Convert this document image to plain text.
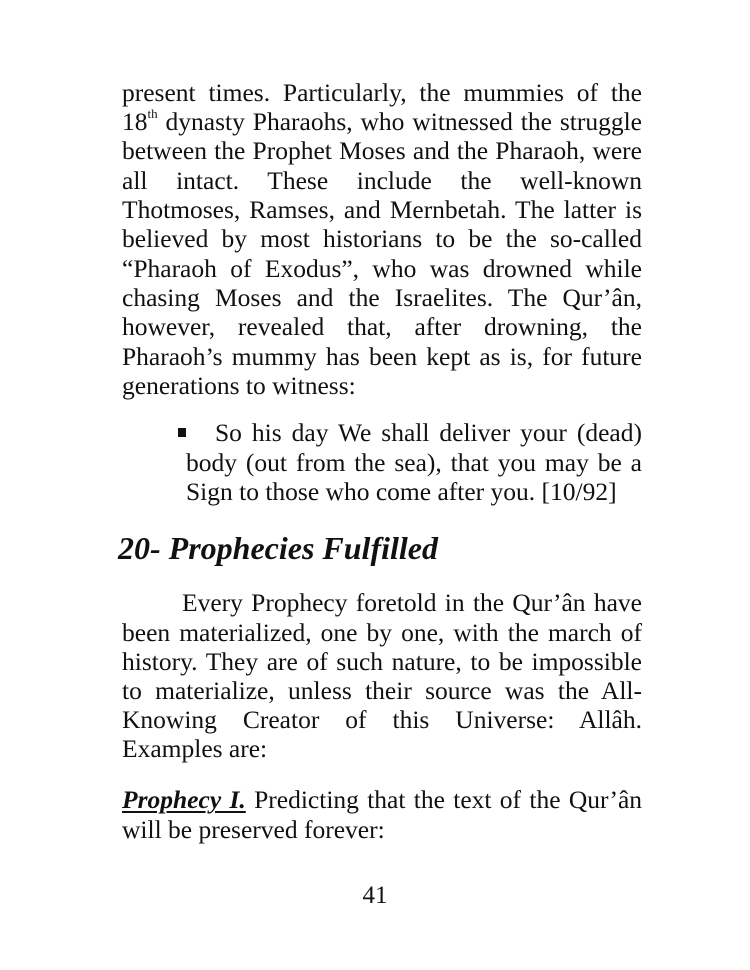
present times. Particularly, the mummies of the
18th dynasty Pharaohs, who witnessed the struggle
between the Prophet Moses and the Pharaoh, were
all intact. These include the well-known
Thotmoses, Ramses, and Mernbetah. The latter is
believed by most historians to be the so-called
“Pharaoh of Exodus”, who was drowned while
chasing Moses and the Israelites. The Qur’ân,
however, revealed that, after drowning, the
Pharaoh’s mummy has been kept as is, for future
generations to witness:
So his day We shall deliver your (dead)
body (out from the sea), that you may be a
Sign to those who come after you. [10/92]
20- Prophecies Fulfilled
Every Prophecy foretold in the Qur’ân have
been materialized, one by one, with the march of
history. They are of such nature, to be impossible
to materialize, unless their source was the All-
Knowing Creator of this Universe: Allâh.
Examples are:
Prophecy I. Predicting that the text of the Qur’ân
will be preserved forever:
41
